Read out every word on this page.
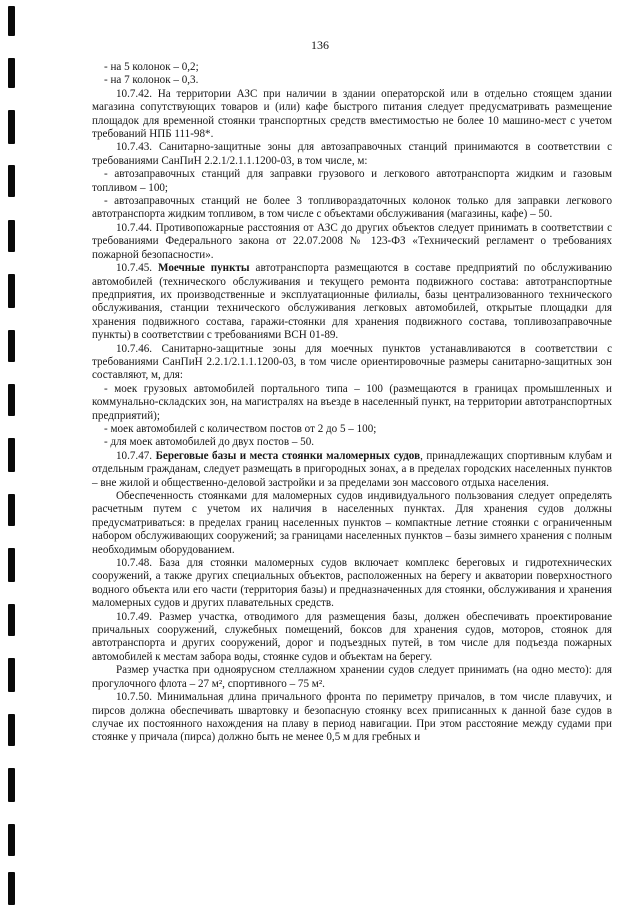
136

- на 5 колонок – 0,2;

- на 7 колонок – 0,3.

10.7.42. На территории АЗС при наличии в здании операторской или в отдельно стоящем здании магазина сопутствующих товаров и (или) кафе быстрого питания следует предусматривать размещение площадок для временной стоянки транспортных средств вместимостью не более 10 машино-мест с учетом требований НПБ 111-98*.

10.7.43. Санитарно-защитные зоны для автозаправочных станций принимаются в соответствии с требованиями СанПиН 2.2.1/2.1.1.1200-03, в том числе, м:

- автозаправочных станций для заправки грузового и легкового автотранспорта жидким и газовым топливом – 100;

- автозаправочных станций не более 3 топливораздаточных колонок только для заправки легкового автотранспорта жидким топливом, в том числе с объектами обслуживания (магазины, кафе) – 50.

10.7.44. Противопожарные расстояния от АЗС до других объектов следует принимать в соответствии с требованиями Федерального закона от 22.07.2008 № 123-ФЗ «Технический регламент о требованиях пожарной безопасности».

10.7.45. Моечные пункты автотранспорта размещаются в составе предприятий по обслуживанию автомобилей (технического обслуживания и текущего ремонта подвижного состава: автотранспортные предприятия, их производственные и эксплуатационные филиалы, базы централизованного технического обслуживания, станции технического обслуживания легковых автомобилей, открытые площадки для хранения подвижного состава, гаражи-стоянки для хранения подвижного состава, топливозаправочные пункты) в соответствии с требованиями ВСН 01-89.

10.7.46. Санитарно-защитные зоны для моечных пунктов устанавливаются в соответствии с требованиями СанПиН 2.2.1/2.1.1.1200-03, в том числе ориентировочные размеры санитарно-защитных зон составляют, м, для:

- моек грузовых автомобилей портального типа – 100 (размещаются в границах промышленных и коммунально-складских зон, на магистралях на въезде в населенный пункт, на территории автотранспортных предприятий);

- моек автомобилей с количеством постов от 2 до 5 – 100;

- для моек автомобилей до двух постов – 50.

10.7.47. Береговые базы и места стоянки маломерных судов, принадлежащих спортивным клубам и отдельным гражданам, следует размещать в пригородных зонах, а в пределах городских населенных пунктов – вне жилой и общественно-деловой застройки и за пределами зон массового отдыха населения.

Обеспеченность стоянками для маломерных судов индивидуального пользования следует определять расчетным путем с учетом их наличия в населенных пунктах. Для хранения судов должны предусматриваться: в пределах границ населенных пунктов – компактные летние стоянки с ограниченным набором обслуживающих сооружений; за границами населенных пунктов – базы зимнего хранения с полным необходимым оборудованием.

10.7.48. База для стоянки маломерных судов включает комплекс береговых и гидротехнических сооружений, а также других специальных объектов, расположенных на берегу и акватории поверхностного водного объекта или его части (территория базы) и предназначенных для стоянки, обслуживания и хранения маломерных судов и других плавательных средств.

10.7.49. Размер участка, отводимого для размещения базы, должен обеспечивать проектирование причальных сооружений, служебных помещений, боксов для хранения судов, моторов, стоянок для автотранспорта и других сооружений, дорог и подъездных путей, в том числе для подъезда пожарных автомобилей к местам забора воды, стоянке судов и объектам на берегу.

Размер участка при одноярусном стеллажном хранении судов следует принимать (на одно место): для прогулочного флота – 27 м², спортивного – 75 м².

10.7.50. Минимальная длина причального фронта по периметру причалов, в том числе плавучих, и пирсов должна обеспечивать швартовку и безопасную стоянку всех приписанных к данной базе судов в случае их постоянного нахождения на плаву в период навигации. При этом расстояние между судами при стоянке у причала (пирса) должно быть не менее 0,5 м для гребных и
